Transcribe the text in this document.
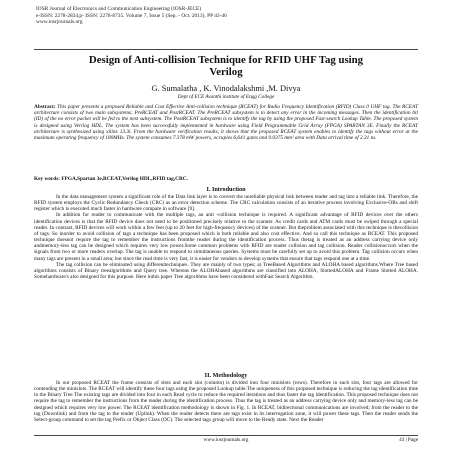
IOSR Journal of Electronics and Communication Engineering (IOSR-JECE)
e-ISSN: 2278-2834,p- ISSN: 2278-8735. Volume 7, Issue 5 (Sep. - Oct. 2013), PP 43-46
www.iosrjournals.org
Design of Anti-collision Technique for RFID UHF Tag using
Verilog
G. Sumalatha , K. Vinodalakshmi ,M. Divya
Dept of ECE Avanthi institute of Engg College
Abstract: This paper presents a proposed Reliable and Cost Effective Anti-collision technique (RCEAT) for Radio Frequency Identification (RFID) Class 0 UHF tag. The RCEAT architecture consists of two main subsystems; PreRCEAT and PostRCEAT. The PreRCEAT subsystem is to detect any error in the incoming messages. Then the identification bit (ID) of the no error packet will be fed to the next subsystem. The PostRCEAT subsystem is to identify the tag by using the proposed Fast-search Lookup Table. The proposed system is designed using Verilog HDL. The system has been successfully implemented in hardware using Field Programmable Grid Array (FPGA) SPARTAN 3E. Finally the RCEAT architecture is synthesized using xilinx 13.3i. From the hardware verification results, it shows that the proposed RCEAT system enables to identify the tags without error at the maximum operating frequency of 180MHz. The system consumes 7.378 mW powers, occupies 6,641 gates and 0.0375 mm² area with Data arrival time of 2.31 ns.
Key words: FPGA,Spartan 3e,RCEAT,Verilog HDL,RFID tag,CRC.
I. Introduction

In the data management system a significant role of the Data link layer is to convert the unreliable physical link between reader and tag into a reliable link. Therefore, the RFID system employs the Cyclic Redundancy Check (CRC) as an error detection scheme. The CRC calculation consists of an iterative process involving Exclusive-ORs and shift register which is executed much faster in hardware compare in software [9].

In addition for reader to communicate with the multiple tags, an anti -collision technique is required. A significant advantage of RFID devices over the others identification devices is that the RFID device does not need to be positioned precisely relative to the scanner. As credit cards and ATM cards must be swiped through a special reader. In contrast, RFID devices will work within a few feet (up to 20 feet for high-frequency devices) of the scanner. But theproblem associated with this technique is thecollision of tags. So inorder to avoid collision of tags a technique has been proposed which is both reliable and also cost effective. And so call this technique as RCEAT. This proposed technique doesnot require the tag to remember the instructions fromthe reader during the identification process. Thus thetag is treated as an address carrying device only andmemory-less tag can be designed which requires very low power.Some common problems with RFID are reader collision and tag collision. Reader collisionoccurs when the signals from two or more readers overlap. The tag is unable to respond to simultaneous queries. Systems must be carefully set up to avoid this problem. Tag collision occurs when many tags are present in a small area; but since the read time is very fast, it is easier for vendors to develop systems that ensure that tags respond one at a time.

The tag collision can be eliminated using differenttechniques. They are mainly of two types; a) TreeBased Algorithms and ALOHA based algorithms.Where Tree based algorithms consists of Binary treealgorithms and Query tree. Whereas the ALOHAbased algorithms are classified into ALOHA, SlottedALOHA and Frame Slotted ALOHA. Somehardware's also designed for this purpose. Here inthis paper Tree algorithms have been considered withFast Search Algorithm.

II. Methodology

In our proposed RCEAT the frame consists of slots and each slot (column) is divided into four minislots (rows). Therefore in each slot, four tags are allowed for contending the minislots. The RCEAT will identify these four tags using the proposed Lookup table.The uniqueness of this proposed technique is reducing the tag identification time in the Binary Tree The existing tags are divided into four in each Read cycle to reduce the required iterations and thus faster the tag identification. This proposed technique does not require the tag to remember the instructions from the reader during the identification process. Thus the tag is treated as an address carrying device only and memory-less tag can be designed which requires very low power. The RCEAT identification methodology is shown in Fig. 1. In RCEAT, bidirectional communications are involved; from the reader to the tag (Downlink) and from the tag to the reader (Uplink). When the reader detects there are tags exist in its interrogation zone, it will power these tags. Then the reader sends the Select-group command to set the tag Prefix or Object Class (OC). The selected tags group will move to the Ready state. Next the Reader

www.iosrjournals.org	43 | Page
